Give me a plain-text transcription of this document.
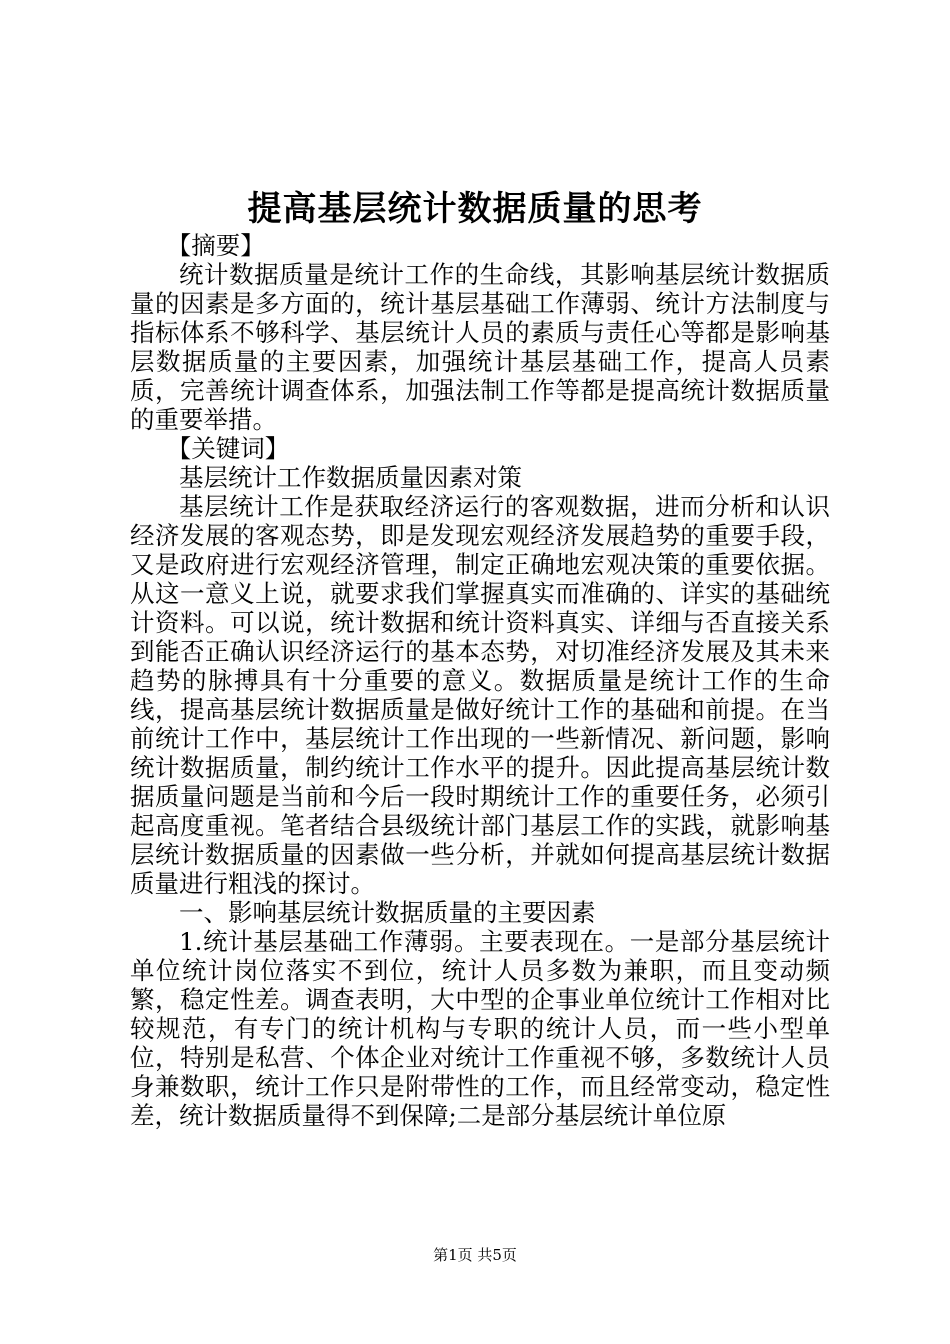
提高基层统计数据质量的思考

【摘要】

统计数据质量是统计工作的生命线，其影响基层统计数据质量的因素是多方面的，统计基层基础工作薄弱、统计方法制度与指标体系不够科学、基层统计人员的素质与责任心等都是影响基层数据质量的主要因素，加强统计基层基础工作，提高人员素质，完善统计调查体系，加强法制工作等都是提高统计数据质量的重要举措。

【关键词】

基层统计工作数据质量因素对策

基层统计工作是获取经济运行的客观数据，进而分析和认识经济发展的客观态势，即是发现宏观经济发展趋势的重要手段，又是政府进行宏观经济管理，制定正确地宏观决策的重要依据。从这一意义上说，就要求我们掌握真实而准确的、详实的基础统计资料。可以说，统计数据和统计资料真实、详细与否直接关系到能否正确认识经济运行的基本态势，对切准经济发展及其未来趋势的脉搏具有十分重要的意义。数据质量是统计工作的生命线，提高基层统计数据质量是做好统计工作的基础和前提。在当前统计工作中，基层统计工作出现的一些新情况、新问题，影响统计数据质量，制约统计工作水平的提升。因此提高基层统计数据质量问题是当前和今后一段时期统计工作的重要任务，必须引起高度重视。笔者结合县级统计部门基层工作的实践，就影响基层统计数据质量的因素做一些分析，并就如何提高基层统计数据质量进行粗浅的探讨。

一、影响基层统计数据质量的主要因素

1.统计基层基础工作薄弱。主要表现在。一是部分基层统计单位统计岗位落实不到位，统计人员多数为兼职，而且变动频繁，稳定性差。调查表明，大中型的企事业单位统计工作相对比较规范，有专门的统计机构与专职的统计人员，而一些小型单位，特别是私营、个体企业对统计工作重视不够，多数统计人员身兼数职，统计工作只是附带性的工作，而且经常变动，稳定性差，统计数据质量得不到保障;二是部分基层统计单位原

第1页 共5页
